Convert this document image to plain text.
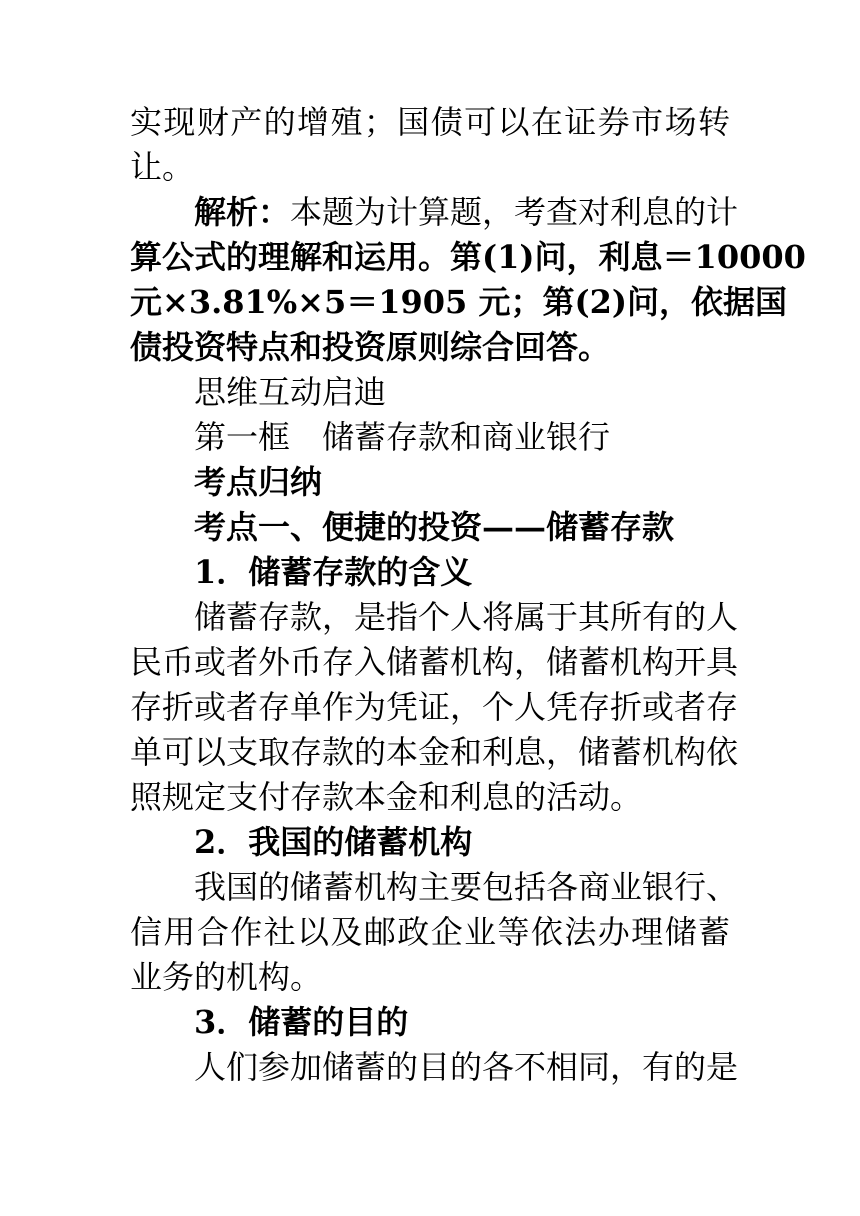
实现财产的增殖；国债可以在证券市场转
让。
解析：本题为计算题，考查对利息的计
算公式的理解和运用。第(1)问，利息＝10000
元×3.81%×5＝1905 元；第(2)问，依据国
债投资特点和投资原则综合回答。
思维互动启迪
第一框　储蓄存款和商业银行
考点归纳
考点一、便捷的投资——储蓄存款
1．储蓄存款的含义
储蓄存款，是指个人将属于其所有的人
民币或者外币存入储蓄机构，储蓄机构开具
存折或者存单作为凭证，个人凭存折或者存
单可以支取存款的本金和利息，储蓄机构依
照规定支付存款本金和利息的活动。
2．我国的储蓄机构
我国的储蓄机构主要包括各商业银行、
信用合作社以及邮政企业等依法办理储蓄
业务的机构。
3．储蓄的目的
人们参加储蓄的目的各不相同，有的是
